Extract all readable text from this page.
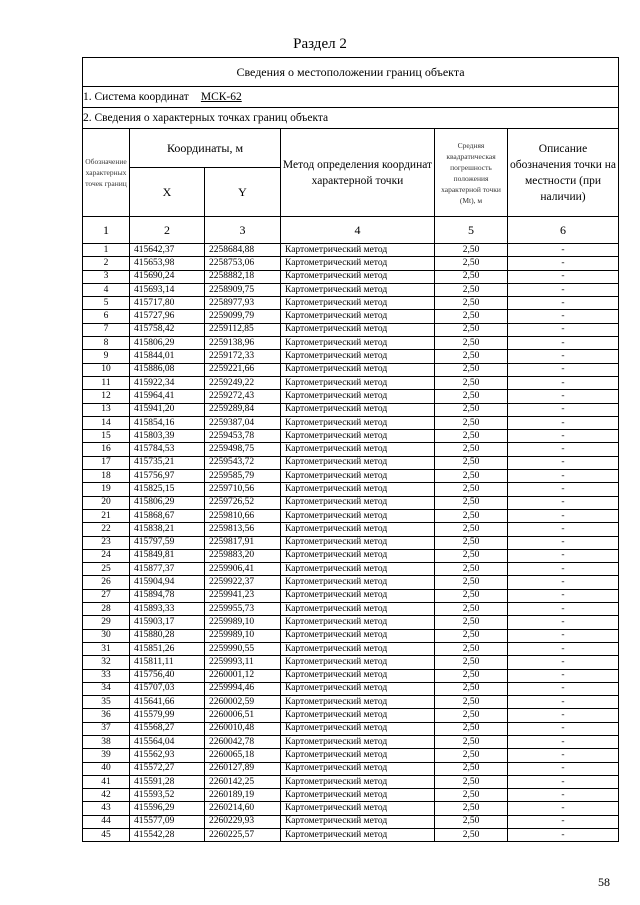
Раздел 2
Сведения о местоположении границ объекта					
1. Система координат МСК-62					
2. Сведения о характерных точках границ объекта					
Обозначение характерных точек границ	Координаты, м		Метод определения координат характерной точки	Средняя квадратическая погрешность положения характерной точки (Mt), м	Описание обозначения точки на местности (при наличии)
	X	Y			
1	2	3	4	5	6
1	415642,37	2258684,88	Картометрический метод	2,50	-
2	415653,98	2258753,06	Картометрический метод	2,50	-
3	415690,24	2258882,18	Картометрический метод	2,50	-
4	415693,14	2258909,75	Картометрический метод	2,50	-
5	415717,80	2258977,93	Картометрический метод	2,50	-
6	415727,96	2259099,79	Картометрический метод	2,50	-
7	415758,42	2259112,85	Картометрический метод	2,50	-
8	415806,29	2259138,96	Картометрический метод	2,50	-
9	415844,01	2259172,33	Картометрический метод	2,50	-
10	415886,08	2259221,66	Картометрический метод	2,50	-
11	415922,34	2259249,22	Картометрический метод	2,50	-
12	415964,41	2259272,43	Картометрический метод	2,50	-
13	415941,20	2259289,84	Картометрический метод	2,50	-
14	415854,16	2259387,04	Картометрический метод	2,50	-
15	415803,39	2259453,78	Картометрический метод	2,50	-
16	415784,53	2259498,75	Картометрический метод	2,50	-
17	415735,21	2259543,72	Картометрический метод	2,50	-
18	415756,97	2259585,79	Картометрический метод	2,50	-
19	415825,15	2259710,56	Картометрический метод	2,50	-
20	415806,29	2259726,52	Картометрический метод	2,50	-
21	415868,67	2259810,66	Картометрический метод	2,50	-
22	415838,21	2259813,56	Картометрический метод	2,50	-
23	415797,59	2259817,91	Картометрический метод	2,50	-
24	415849,81	2259883,20	Картометрический метод	2,50	-
25	415877,37	2259906,41	Картометрический метод	2,50	-
26	415904,94	2259922,37	Картометрический метод	2,50	-
27	415894,78	2259941,23	Картометрический метод	2,50	-
28	415893,33	2259955,73	Картометрический метод	2,50	-
29	415903,17	2259989,10	Картометрический метод	2,50	-
30	415880,28	2259989,10	Картометрический метод	2,50	-
31	415851,26	2259990,55	Картометрический метод	2,50	-
32	415811,11	2259993,11	Картометрический метод	2,50	-
33	415756,40	2260001,12	Картометрический метод	2,50	-
34	415707,03	2259994,46	Картометрический метод	2,50	-
35	415641,66	2260002,59	Картометрический метод	2,50	-
36	415579,99	2260006,51	Картометрический метод	2,50	-
37	415568,27	2260010,48	Картометрический метод	2,50	-
38	415564,04	2260042,78	Картометрический метод	2,50	-
39	415562,93	2260065,18	Картометрический метод	2,50	-
40	415572,27	2260127,89	Картометрический метод	2,50	-
41	415591,28	2260142,25	Картометрический метод	2,50	-
42	415593,52	2260189,19	Картометрический метод	2,50	-
43	415596,29	2260214,60	Картометрический метод	2,50	-
44	415577,09	2260229,93	Картометрический метод	2,50	-
45	415542,28	2260225,57	Картометрический метод	2,50	-
58
